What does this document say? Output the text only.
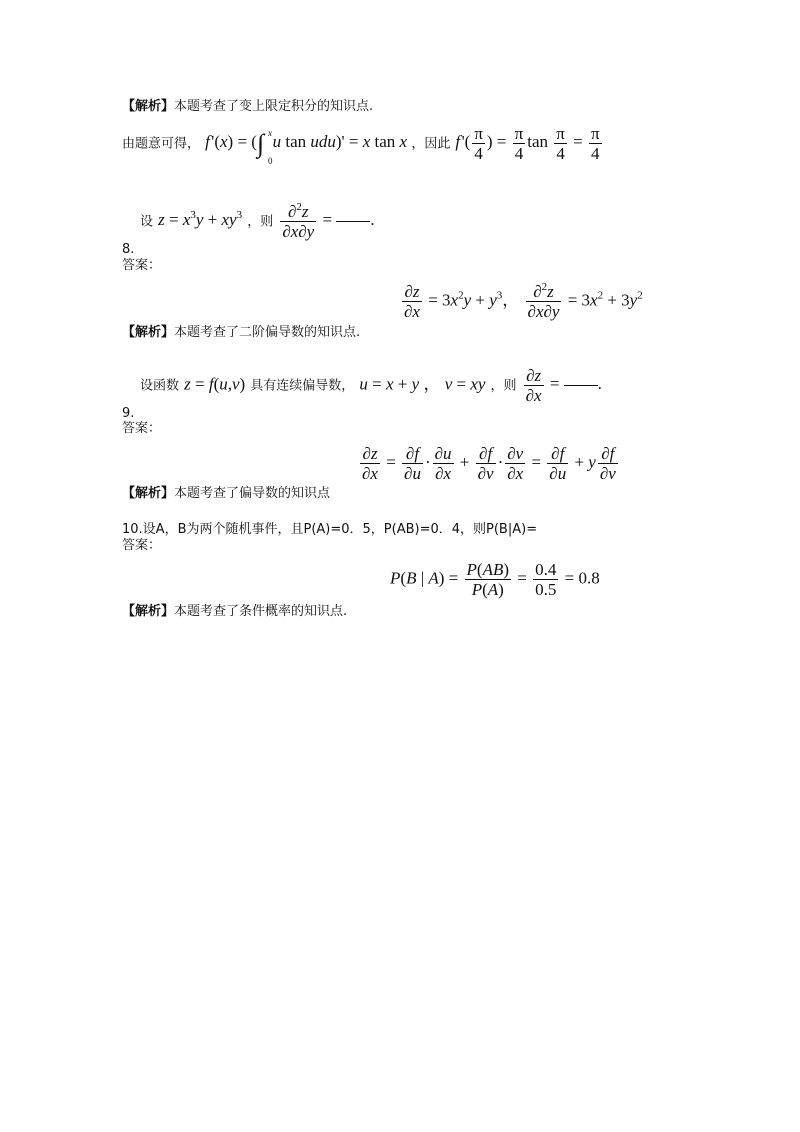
【解析】本题考查了变上限定积分的知识点.
由题意可得， f '(x) = (∫ x
0
u tan udu)' = x tan x ，因此 f '( $\frac{\pi}{4}$ ) = $\frac{\pi}{4}$ $\tan \frac{\pi}{4} = \frac{\pi}{4}$
设 $z = x^3y + xy^3$ ，则 $\frac{\partial^2z}{\partial x\partial y}$ = .
8.
答案：
$\frac{\partial z}{\partial x} = 3x^2y + y^3$， $\frac{\partial^2z}{\partial x\partial y} = 3x^2 + 3y^2$
【解析】本题考查了二阶偏导数的知识点.
设函数 z = f(u,v) 具有连续偏导数， u = x + y ， v = xy ，则 $\frac{\partial z}{\partial x}$ = .
9.
答案：
$\frac{\partial z}{\partial x} = \frac{\partial f}{\partial u} \cdot \frac{\partial u}{\partial x} + \frac{\partial f}{\partial v} \cdot \frac{\partial v}{\partial x} = \frac{\partial f}{\partial u} + y \frac{\partial f}{\partial v}$
【解析】本题考查了偏导数的知识点
10.设A，B为两个随机事件，且P(A)=0．5，P(AB)=0．4，则P(B|A)=
答案：
P(B | $A) = \frac{P(AB)}{P(A)} = \frac{0.4}{0.5} = 0.8$
【解析】本题考查了条件概率的知识点.
